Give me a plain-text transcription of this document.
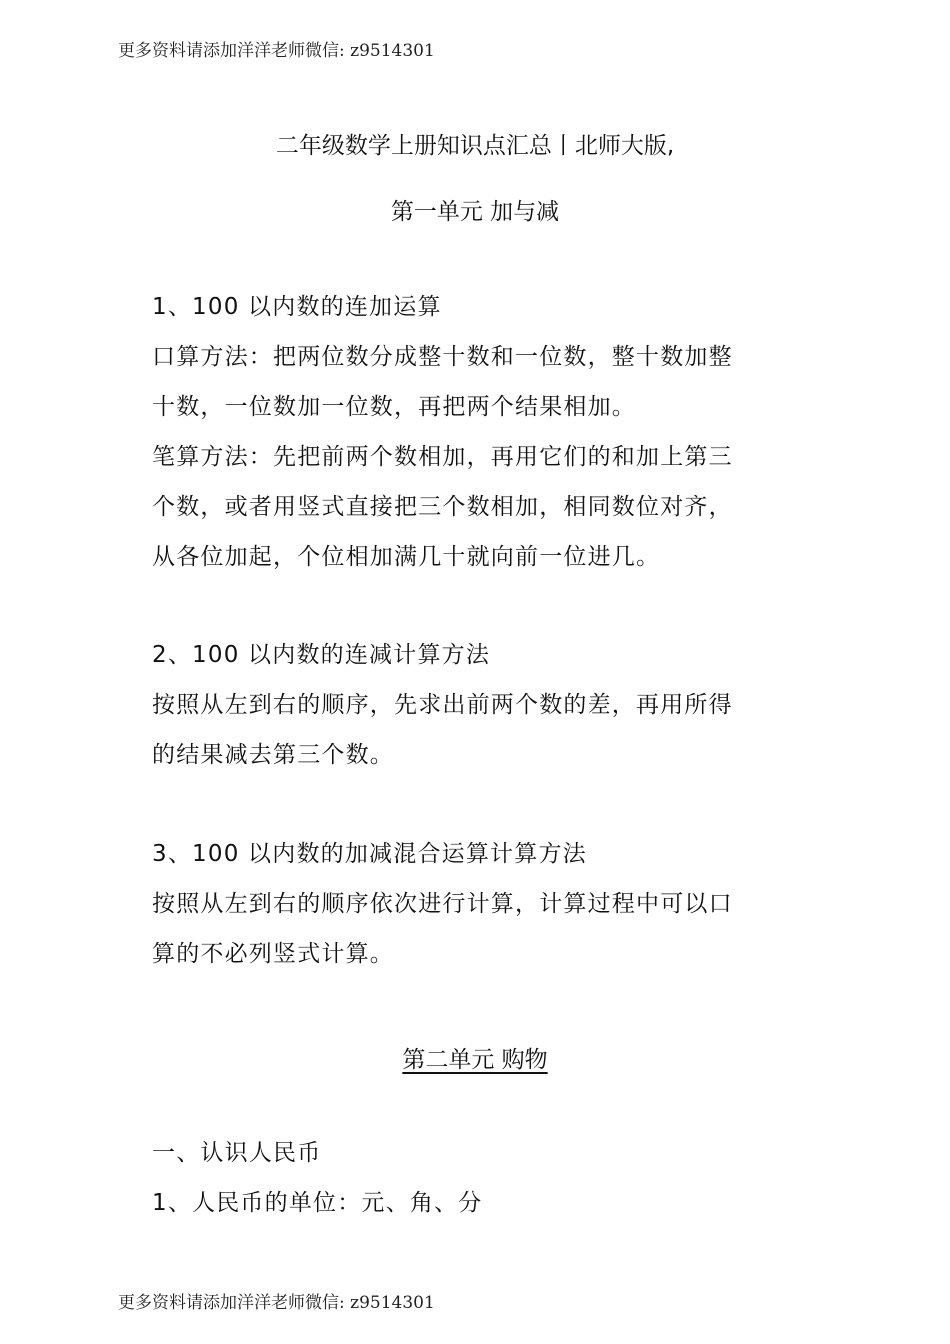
更多资料请添加洋洋老师微信: z9514301
二年级数学上册知识点汇总丨北师大版,
第一单元 加与减

1、100 以内数的连加运算

口算方法：把两位数分成整十数和一位数，整十数加整

十数，一位数加一位数，再把两个结果相加。

笔算方法：先把前两个数相加，再用它们的和加上第三

个数，或者用竖式直接把三个数相加，相同数位对齐，

从各位加起，个位相加满几十就向前一位进几。

2、100 以内数的连减计算方法

按照从左到右的顺序，先求出前两个数的差，再用所得

的结果减去第三个数。

3、100 以内数的加减混合运算计算方法

按照从左到右的顺序依次进行计算，计算过程中可以口

算的不必列竖式计算。

第二单元 购物

一、认识人民币

1、人民币的单位：元、角、分

更多资料请添加洋洋老师微信: z9514301
